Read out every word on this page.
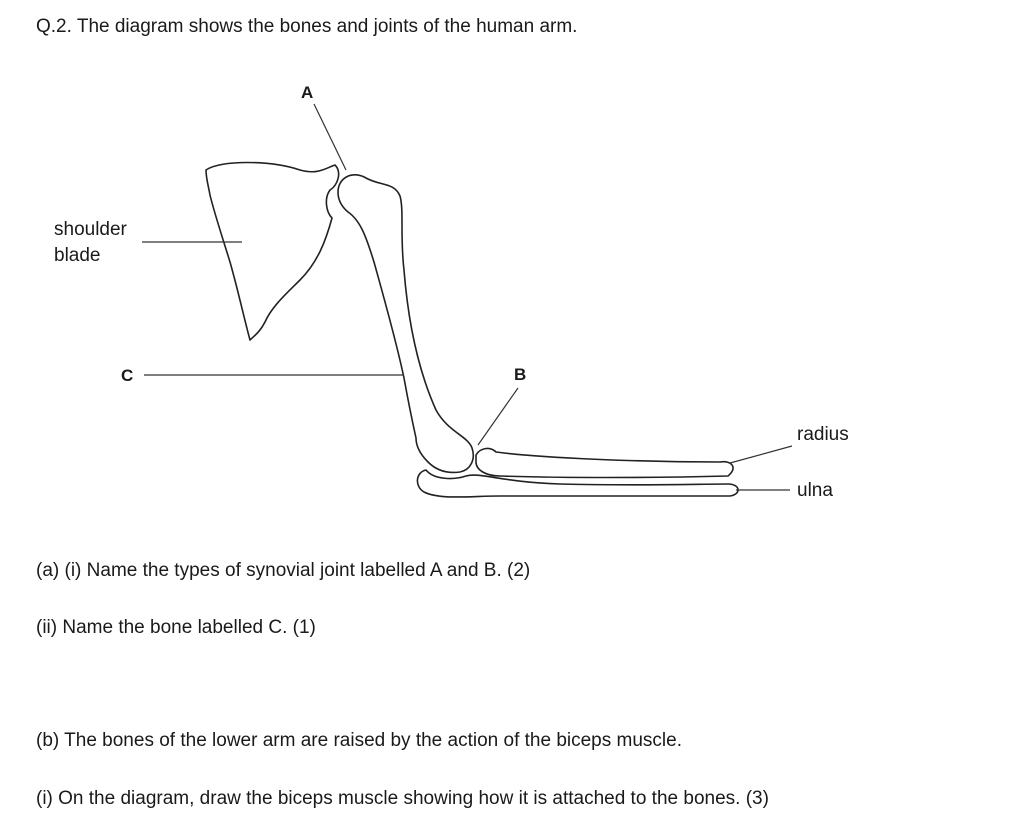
Q.2. The diagram shows the bones and joints of the human arm.
A
shoulder
blade
C	B
radius
ulna
(a) (i) Name the types of synovial joint labelled A and B. (2)
(ii) Name the bone labelled C. (1)
(b) The bones of the lower arm are raised by the action of the biceps muscle.
(i) On the diagram, draw the biceps muscle showing how it is attached to the bones. (3)
